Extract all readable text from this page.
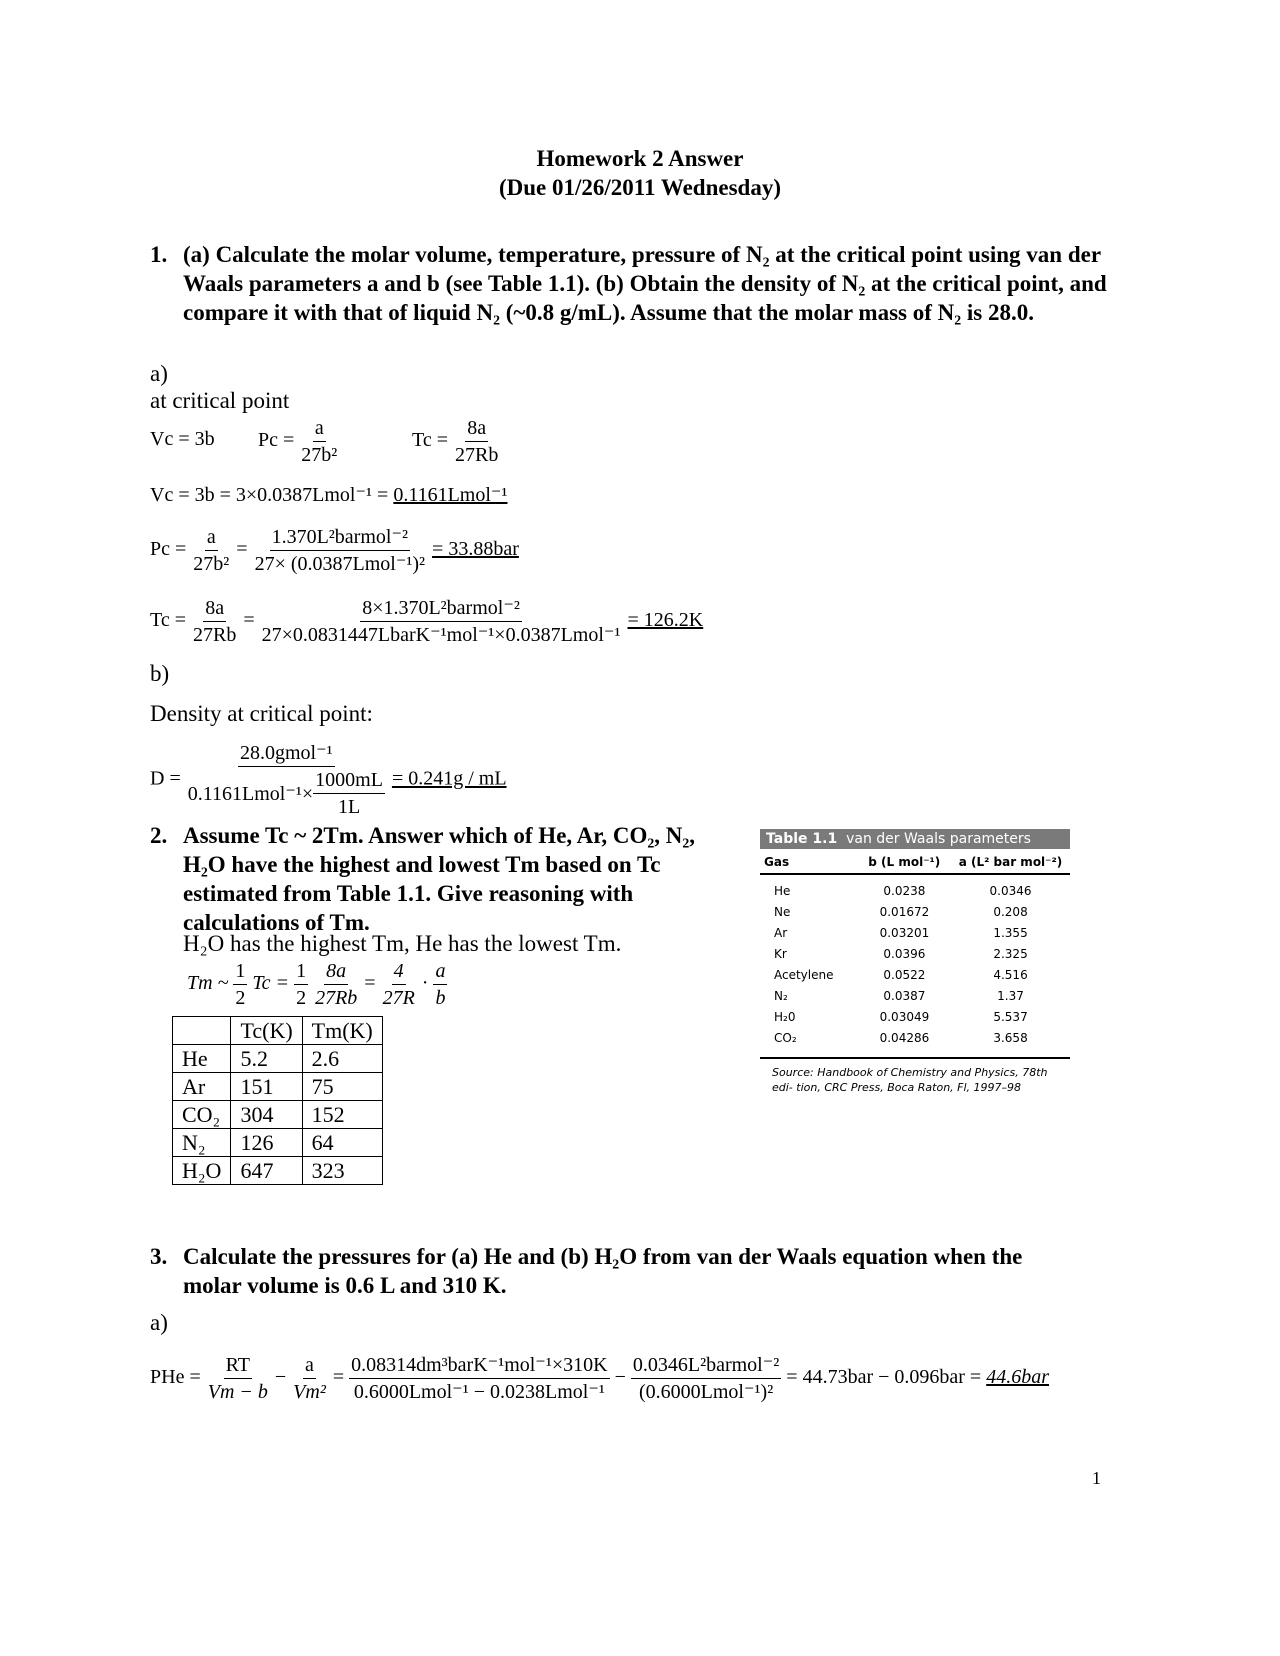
Homework 2 Answer
(Due 01/26/2011 Wednesday)
1. (a) Calculate the molar volume, temperature, pressure of N₂ at the critical point using van der Waals parameters a and b (see Table 1.1). (b) Obtain the density of N₂ at the critical point, and compare it with that of liquid N₂ (~0.8 g/mL). Assume that the molar mass of N₂ is 28.0.
a)
at critical point
Vc = 3b $Pc = \frac{a}{\text{27b²}}$	$Tc = \frac{8a}{27Rb}$
Vc = 3b = 3×0.0387Lmol⁻¹ = 0.1161Lmol⁻¹
$Pc = \frac{a}{\text{27b²}} = \frac{\text{1.370L²barmol⁻²}}{\text{27× (0.0387Lmol⁻¹)²}} = 33.88bar$
$Tc = \frac{8a}{27Rb} = \frac{\text{8×1.370L²barmol⁻²}}{\text{27×0.0831447LbarK⁻¹mol⁻¹×0.0387Lmol⁻¹}} = 126.2K$
b)
Density at critical point:
$D = \frac{\text{28.0gmol⁻¹}}{0.1161Lmol^{-1}\times \frac{1000mL}{1L}} = 0.241g$ / mL
2. Assume Tc ~ 2Tm. Answer which of He, Ar, CO₂, N₂, H₂O have the highest and lowest Tm based on Tc estimated from Table 1.1. Give reasoning with calculations of Tm.
H₂O has the highest Tm, He has the lowest Tm.
Tm ~ $\frac{1}{2}$ $Tc = \frac{1}{2}$
$\frac{8a}{27Rb} = \frac{4}{27R} \cdot \frac{a}{b}$
	Tc(K)	Tm(K)
He	5.2	2.6
Ar	151	75
CO₂	304	152
N₂	126	64
H₂O	647	323
Table 1.1 van der Waals parameters
Gas	b (L mol⁻¹)	a (L² bar mol⁻²)
He	0.0238	0.0346
Ne	0.01672	0.208
Ar	0.03201	1.355
Kr	0.0396	2.325
Acetylene	0.0522	4.516
N₂	0.0387	1.37
H₂0	0.03049	5.537
CO₂	0.04286	3.658
Source: Handbook of Chemistry and Physics, 78th edi- tion, CRC Press, Boca Raton, Fl, 1997–98
3. Calculate the pressures for (a) He and (b) H₂O from van der Waals equation when the molar volume is 0.6 L and 310 K.
a)
PHe = $\frac{RT}{Vm - b} - \frac{a}{\text{Vm²}} = \frac{\text{0.08314dm³barK⁻¹mol⁻¹×310K}}{\text{0.6000Lmol⁻¹ − 0.0238Lmol⁻¹}} - \frac{\text{0.0346L²barmol⁻²}}{\text{(0.6000Lmol⁻¹)²}} = 44.73bar - 0.096bar = 44.6bar$
1
